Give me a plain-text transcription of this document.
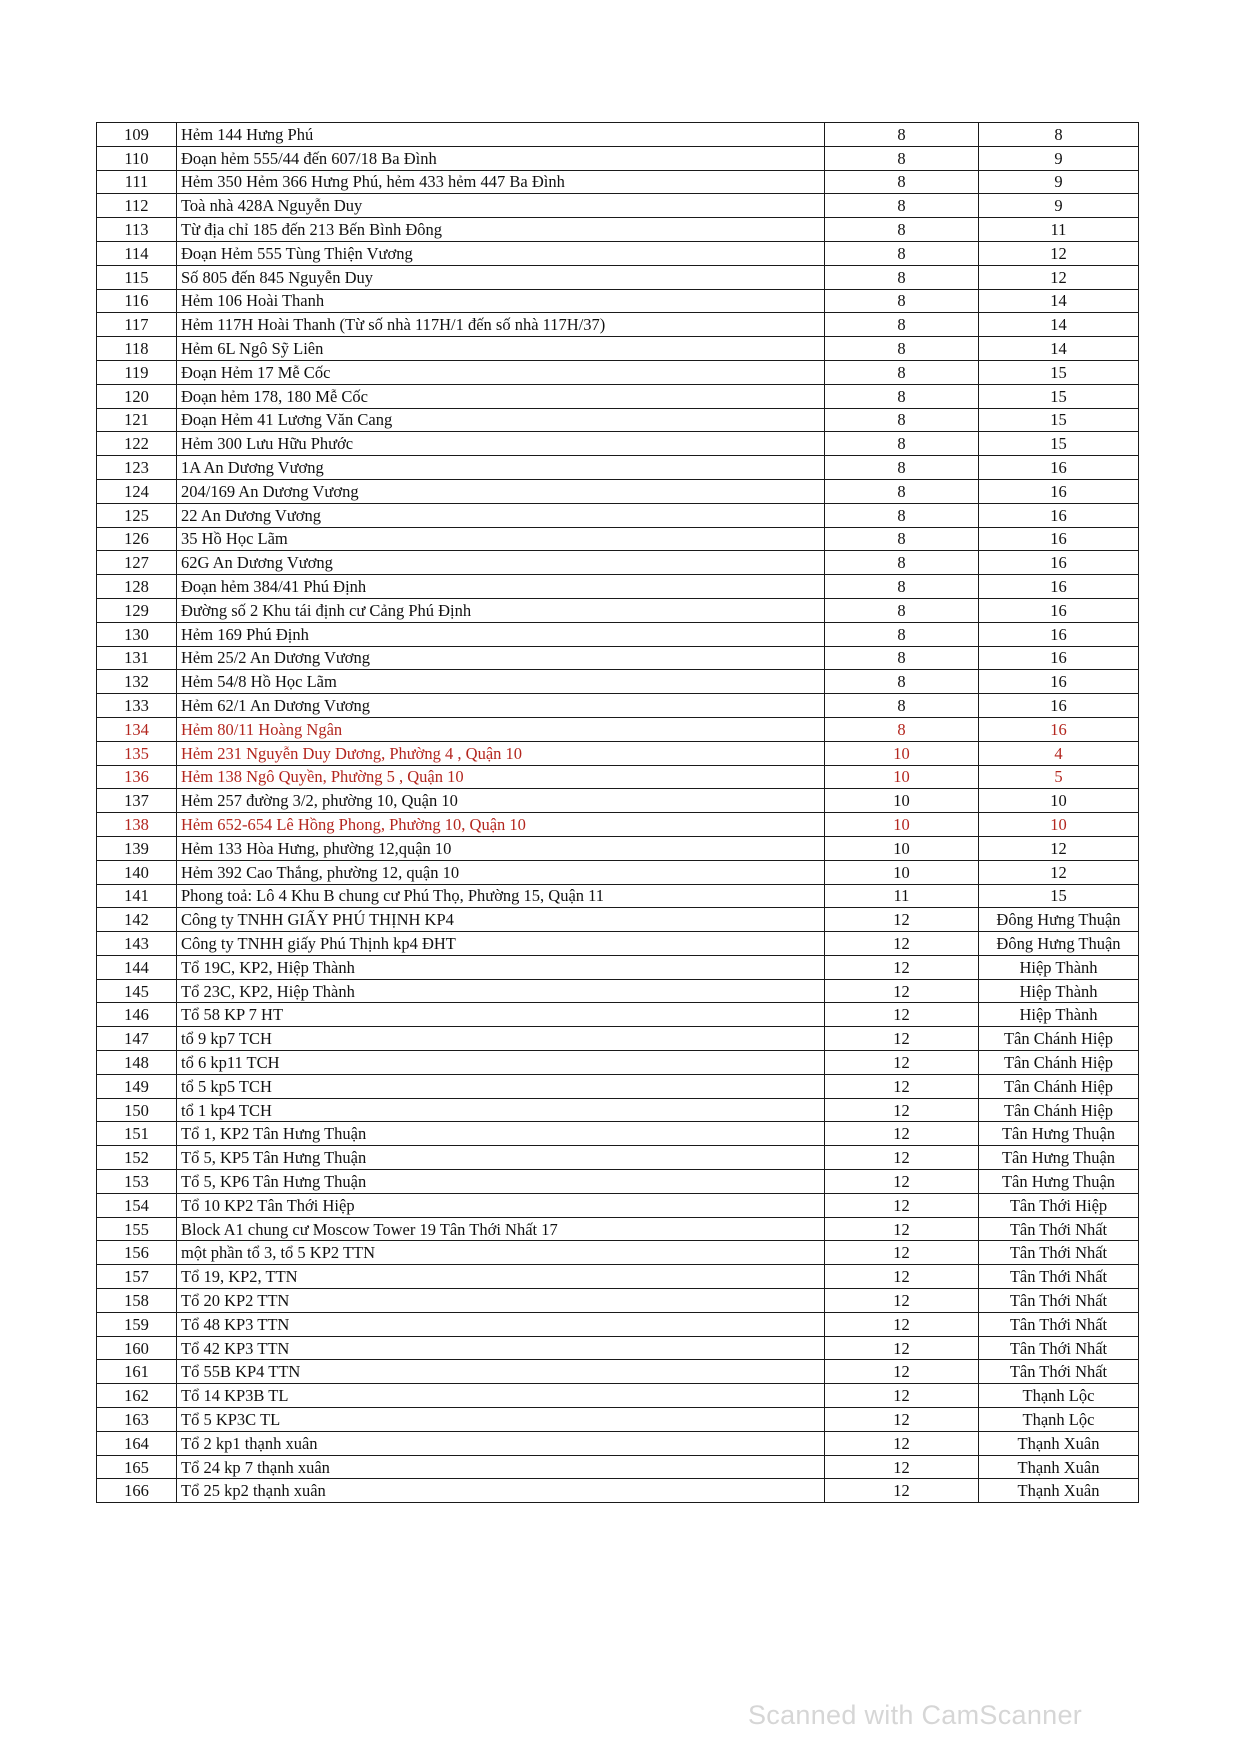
109	Hẻm 144 Hưng Phú	8	8
110	Đoạn hẻm 555/44 đến 607/18 Ba Đình	8	9
111	Hẻm 350 Hẻm 366 Hưng Phú, hẻm 433 hẻm 447 Ba Đình	8	9
112	Toà nhà 428A Nguyễn Duy	8	9
113	Từ địa chỉ 185 đến 213 Bến Bình Đông	8	11
114	Đoạn Hẻm 555 Tùng Thiện Vương	8	12
115	Số 805 đến 845 Nguyễn Duy	8	12
116	Hẻm 106 Hoài Thanh	8	14
117	Hẻm 117H Hoài Thanh (Từ số nhà 117H/1 đến số nhà 117H/37)	8	14
118	Hẻm 6L Ngô Sỹ Liên	8	14
119	Đoạn Hẻm 17 Mễ Cốc	8	15
120	Đoạn hẻm 178, 180 Mễ Cốc	8	15
121	Đoạn Hẻm 41 Lương Văn Cang	8	15
122	Hẻm 300 Lưu Hữu Phước	8	15
123	1A An Dương Vương	8	16
124	204/169 An Dương Vương	8	16
125	22 An Dương Vương	8	16
126	35 Hồ Học Lãm	8	16
127	62G An Dương Vương	8	16
128	Đoạn hẻm 384/41 Phú Định	8	16
129	Đường số 2 Khu tái định cư Cảng Phú Định	8	16
130	Hẻm 169 Phú Định	8	16
131	Hẻm 25/2 An Dương Vương	8	16
132	Hẻm 54/8 Hồ Học Lãm	8	16
133	Hẻm 62/1 An Dương Vương	8	16
134	Hẻm 80/11 Hoàng Ngân	8	16
135	Hẻm 231 Nguyễn Duy Dương, Phường 4 , Quận 10	10	4
136	Hẻm 138 Ngô Quyền, Phường 5 , Quận 10	10	5
137	Hẻm 257 đường 3/2, phường 10, Quận 10	10	10
138	Hẻm 652-654 Lê Hồng Phong, Phường 10, Quận 10	10	10
139	Hẻm 133 Hòa Hưng, phường 12,quận 10	10	12
140	Hẻm 392 Cao Thắng, phường 12, quận 10	10	12
141	Phong toả: Lô 4 Khu B chung cư Phú Thọ, Phường 15, Quận 11	11	15
142	Công ty TNHH GIẤY PHÚ THỊNH KP4	12	Đông Hưng Thuận
143	Công ty TNHH giấy Phú Thịnh kp4 ĐHT	12	Đông Hưng Thuận
144	Tổ 19C, KP2, Hiệp Thành	12	Hiệp Thành
145	Tổ 23C, KP2, Hiệp Thành	12	Hiệp Thành
146	Tổ 58 KP 7 HT	12	Hiệp Thành
147	tổ 9 kp7 TCH	12	Tân Chánh Hiệp
148	tổ 6 kp11 TCH	12	Tân Chánh Hiệp
149	tổ 5 kp5 TCH	12	Tân Chánh Hiệp
150	tổ 1 kp4 TCH	12	Tân Chánh Hiệp
151	Tổ 1, KP2 Tân Hưng Thuận	12	Tân Hưng Thuận
152	Tổ 5, KP5 Tân Hưng Thuận	12	Tân Hưng Thuận
153	Tổ 5, KP6 Tân Hưng Thuận	12	Tân Hưng Thuận
154	Tổ 10 KP2 Tân Thới Hiệp	12	Tân Thới Hiệp
155	Block A1 chung cư Moscow Tower 19 Tân Thới Nhất 17	12	Tân Thới Nhất
156	một phần tổ 3, tổ 5 KP2 TTN	12	Tân Thới Nhất
157	Tổ 19, KP2, TTN	12	Tân Thới Nhất
158	Tổ 20 KP2 TTN	12	Tân Thới Nhất
159	Tổ 48 KP3 TTN	12	Tân Thới Nhất
160	Tổ 42 KP3 TTN	12	Tân Thới Nhất
161	Tổ 55B KP4 TTN	12	Tân Thới Nhất
162	Tổ 14 KP3B TL	12	Thạnh Lộc
163	Tổ 5 KP3C TL	12	Thạnh Lộc
164	Tổ 2 kp1 thạnh xuân	12	Thạnh Xuân
165	Tổ 24 kp 7 thạnh xuân	12	Thạnh Xuân
166	Tổ 25 kp2 thạnh xuân	12	Thạnh Xuân
Scanned with CamScanner
